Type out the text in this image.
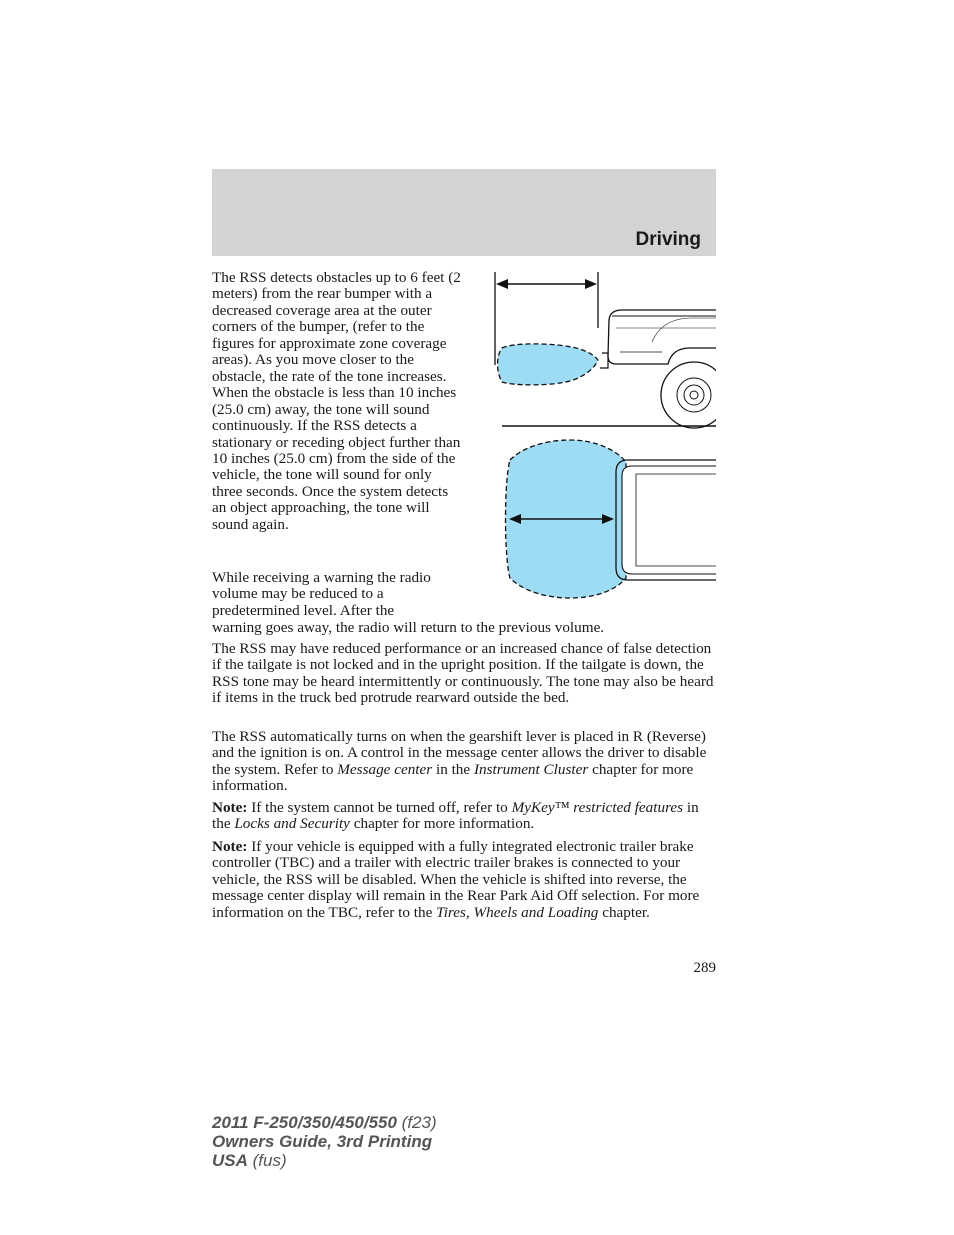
Driving

The RSS detects obstacles up to 6 feet (2 meters) from the rear bumper with a decreased coverage area at the outer corners of the bumper, (refer to the figures for approximate zone coverage areas). As you move closer to the obstacle, the rate of the tone increases. When the obstacle is less than 10 inches (25.0 cm) away, the tone will sound continuously. If the RSS detects a stationary or receding object further than 10 inches (25.0 cm) from the side of the vehicle, the tone will sound for only three seconds. Once the system detects an object approaching, the tone will sound again.

While receiving a warning the radio volume may be reduced to a predetermined level. After the

warning goes away, the radio will return to the previous volume.

The RSS may have reduced performance or an increased chance of false detection if the tailgate is not locked and in the upright position. If the tailgate is down, the RSS tone may be heard intermittently or continuously. The tone may also be heard if items in the truck bed protrude rearward outside the bed.

The RSS automatically turns on when the gearshift lever is placed in R (Reverse) and the ignition is on. A control in the message center allows the driver to disable the system. Refer to Message center in the Instrument Cluster chapter for more information.

Note: If the system cannot be turned off, refer to MyKey™ restricted features in the Locks and Security chapter for more information.

Note: If your vehicle is equipped with a fully integrated electronic trailer brake controller (TBC) and a trailer with electric trailer brakes is connected to your vehicle, the RSS will be disabled. When the vehicle is shifted into reverse, the message center display will remain in the Rear Park Aid Off selection. For more information on the TBC, refer to the Tires, Wheels and Loading chapter.

289
2011 F-250/350/450/550 (f23)
Owners Guide, 3rd Printing
USA (fus)
